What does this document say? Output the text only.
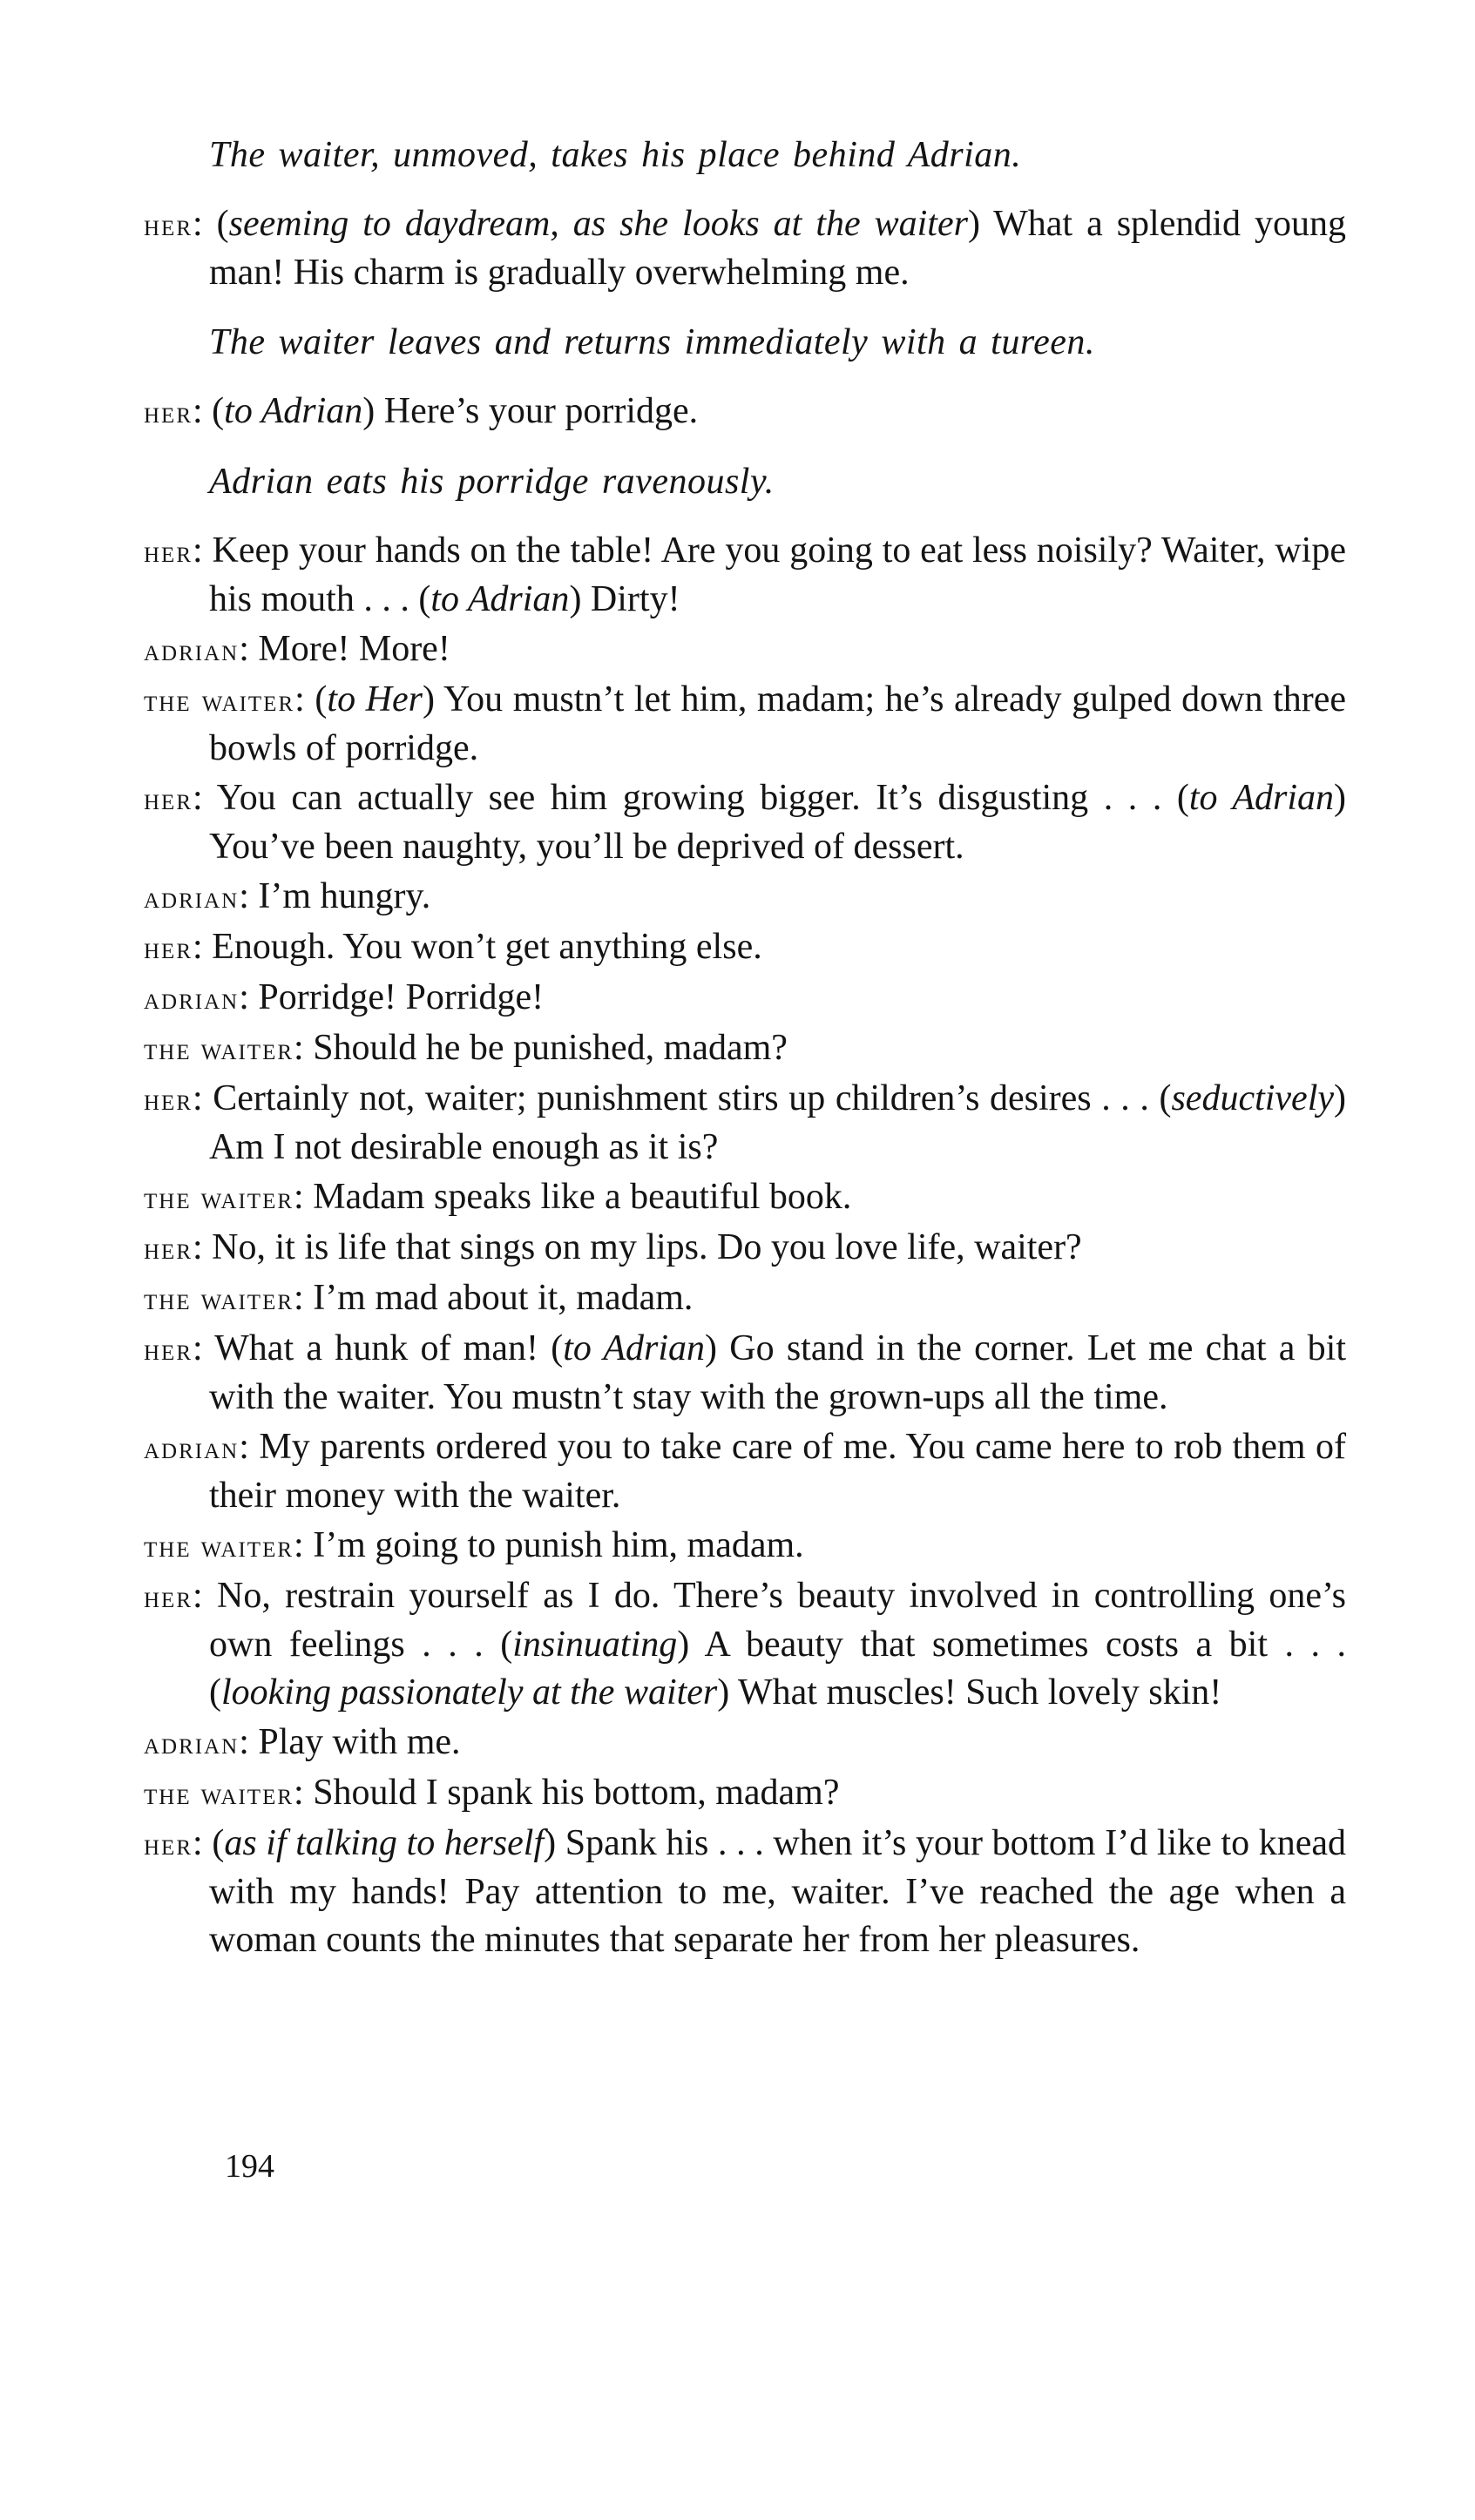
The waiter, unmoved, takes his place behind Adrian.
her : (seeming to daydream, as she looks at the waiter) What a splendid young man! His charm is gradually overwhelming me.
The waiter leaves and returns immediately with a tureen.
her : (to Adrian) Here’s your porridge.
Adrian eats his porridge ravenously.
her : Keep your hands on the table! Are you going to eat less noisily? Waiter, wipe his mouth . . . (to Adrian) Dirty!
adrian : More! More!
the waiter : (to Her) You mustn’t let him, madam; he’s already gulped down three bowls of porridge.
her : You can actually see him growing bigger. It’s disgusting . . . (to Adrian) You’ve been naughty, you’ll be deprived of dessert.
adrian : I’m hungry.
her : Enough. You won’t get anything else.
adrian : Porridge! Porridge!
the waiter : Should he be punished, madam?
her : Certainly not, waiter; punishment stirs up children’s desires . . . (seductively) Am I not desirable enough as it is?
the waiter : Madam speaks like a beautiful book.
her : No, it is life that sings on my lips. Do you love life, waiter?
the waiter : I’m mad about it, madam.
her : What a hunk of man! (to Adrian) Go stand in the corner. Let me chat a bit with the waiter. You mustn’t stay with the grown-ups all the time.
adrian : My parents ordered you to take care of me. You came here to rob them of their money with the waiter.
the waiter : I’m going to punish him, madam.
her : No, restrain yourself as I do. There’s beauty involved in controlling one’s own feelings . . . (insinuating) A beauty that sometimes costs a bit . . . (looking passionately at the waiter) What muscles! Such lovely skin!
adrian : Play with me.
the waiter : Should I spank his bottom, madam?
her : (as if talking to herself) Spank his . . . when it’s your bottom I’d like to knead with my hands! Pay attention to me, waiter. I’ve reached the age when a woman counts the minutes that separate her from her pleasures.
194
